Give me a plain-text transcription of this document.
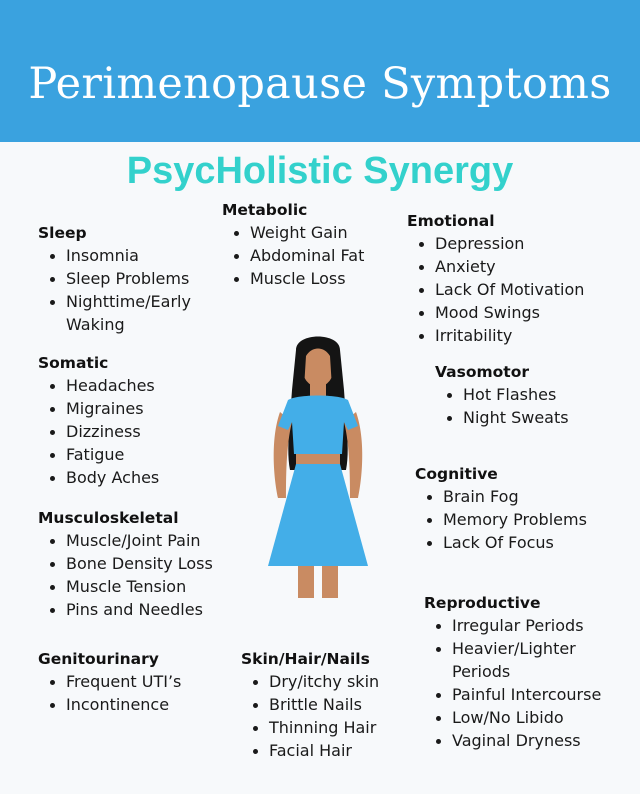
Perimenopause Symptoms
PsycHolistic Synergy
Sleep
Insomnia
Sleep Problems
Nighttime/Early
Waking
Metabolic
Weight Gain
Abdominal Fat
Muscle Loss
Emotional
Depression
Anxiety
Lack Of Motivation
Mood Swings
Irritability
Somatic
Headaches
Migraines
Dizziness
Fatigue
Body Aches
Vasomotor
Hot Flashes
Night Sweats
Cognitive
Brain Fog
Memory Problems
Lack Of Focus
Musculoskeletal
Muscle/Joint Pain
Bone Density Loss
Muscle Tension
Pins and Needles	Reproductive
Irregular Periods
Heavier/Lighter
Periods
Painful Intercourse
Low/No Libido
Vaginal Dryness
Genitourinary
Frequent UTI’s
Incontinence
Skin/Hair/Nails
Dry/itchy skin
Brittle Nails
Thinning Hair
Facial Hair
